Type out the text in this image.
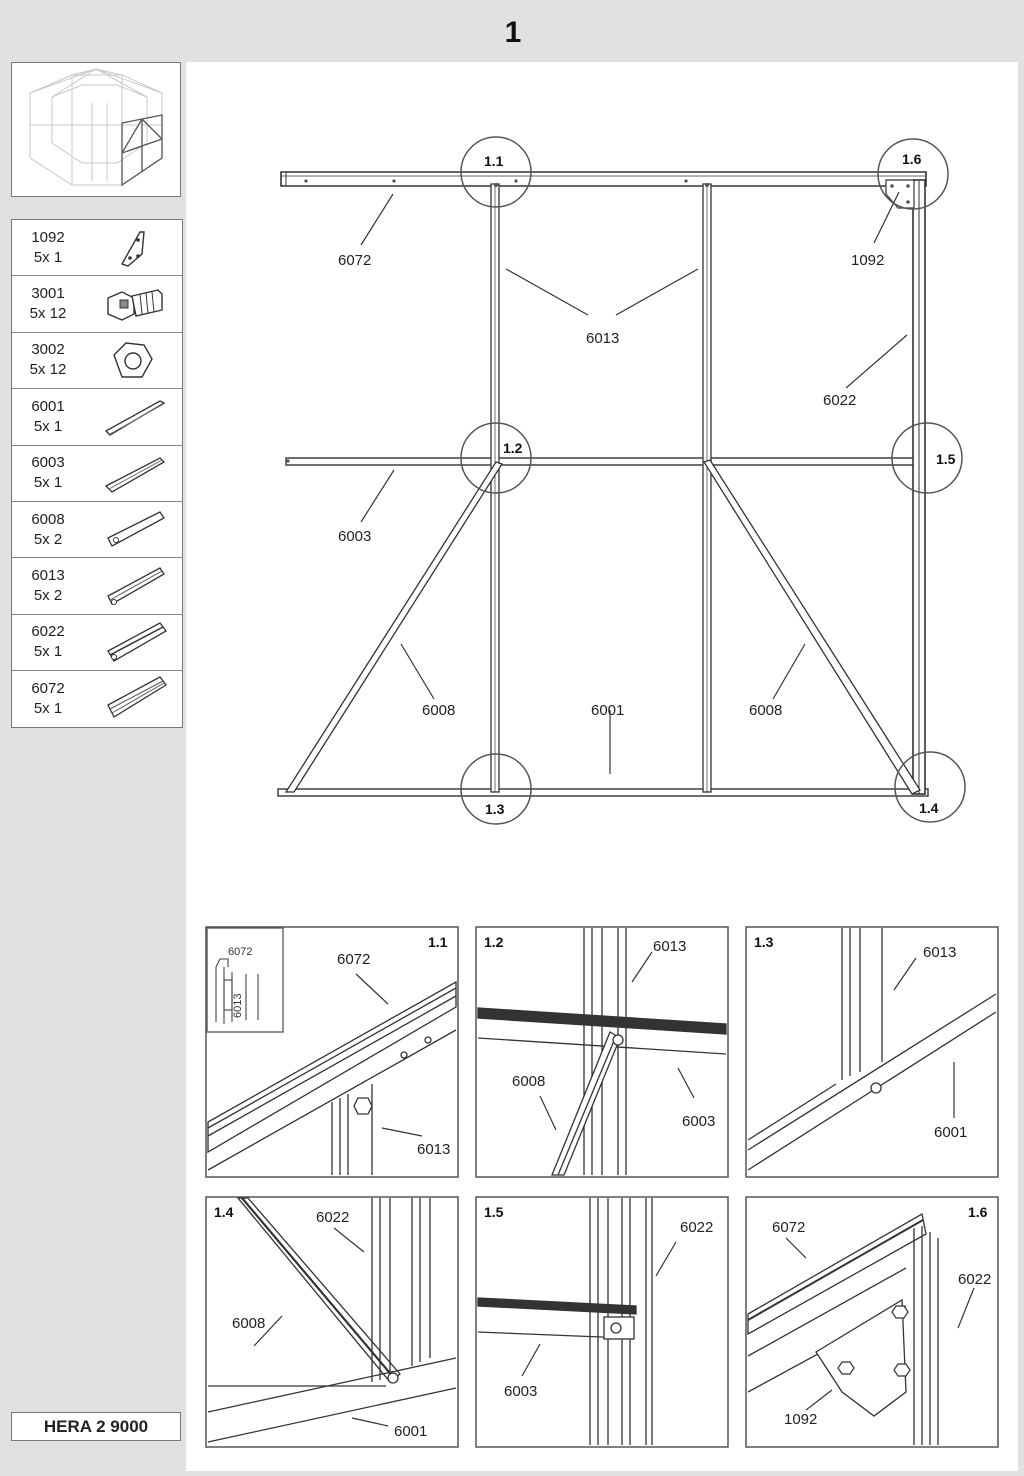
1
1092
5x 1
3001
5x 12
3002
5x 12
6001
5x 1
6003
5x 1
6008
5x 2
6013
5x 2
6022
5x 1
6072
5x 1
HERA 2 9000
1.1
1.2
1.3	1.4
1.5
1.6
6072	1092
6013
6022
6003
6008	6001	6008
6072
6013
1.1
6072
6013
1.2	6013
6008
6003
1.3
6013
6001
1.4	6022
6008
6001
1.5
6022
6003
1.6
6072
6022
1092
